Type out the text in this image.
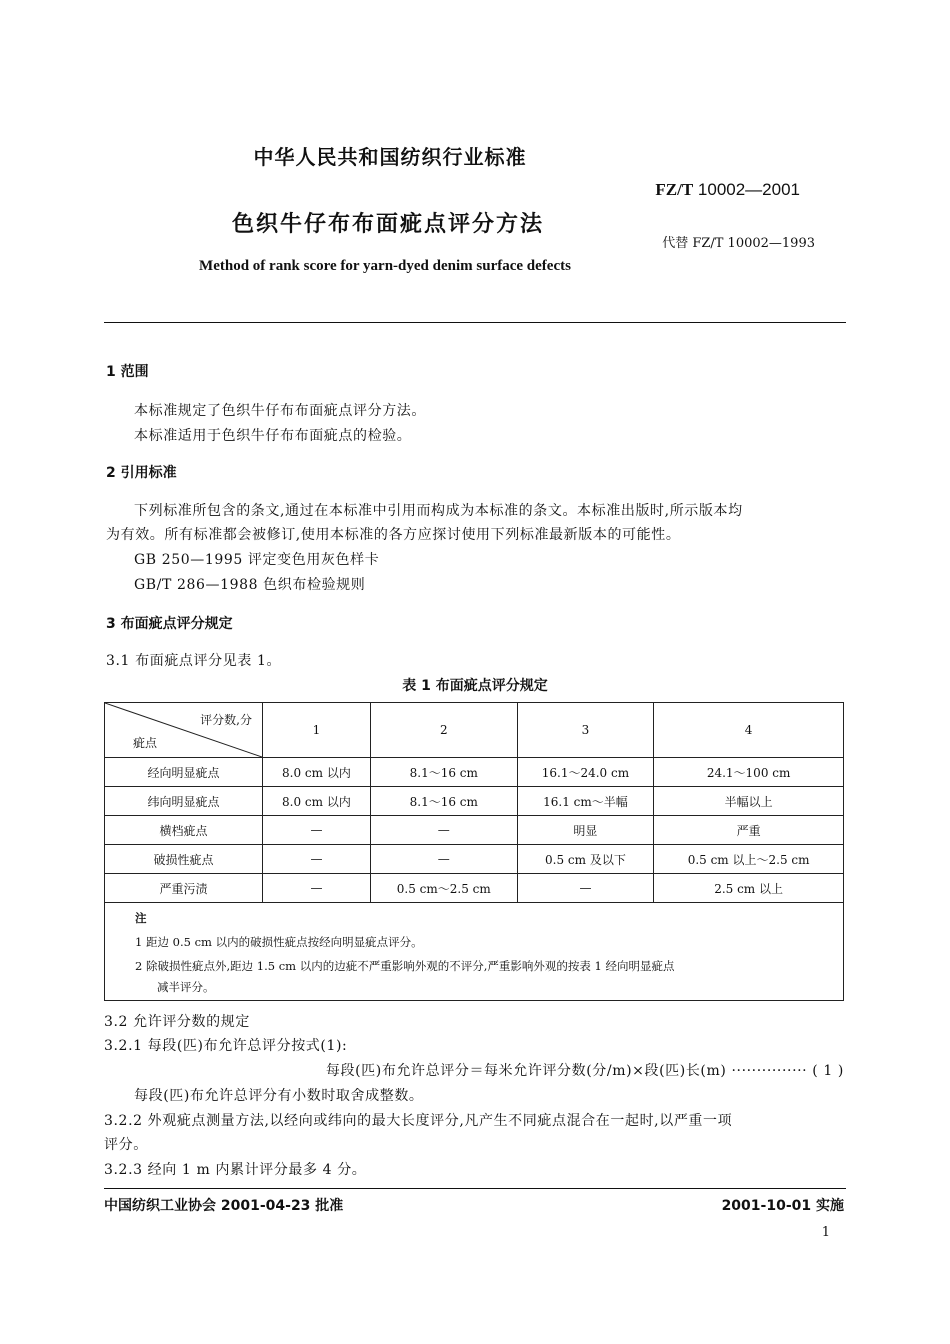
中华人民共和国纺织行业标准
FZ/T 10002—2001
色织牛仔布布面疵点评分方法
代替 FZ/T 10002—1993
Method of rank score for yarn-dyed denim surface defects
1 范围
本标准规定了色织牛仔布布面疵点评分方法。
本标准适用于色织牛仔布布面疵点的检验。
2 引用标准
下列标准所包含的条文,通过在本标准中引用而构成为本标准的条文。本标准出版时,所示版本均
为有效。所有标准都会被修订,使用本标准的各方应探讨使用下列标准最新版本的可能性。
GB 250—1995 评定变色用灰色样卡
GB/T 286—1988 色织布检验规则
3 布面疵点评分规定
3.1 布面疵点评分见表 1。
表 1 布面疵点评分规定
评分数,分
疵点	1	2	3	4
经向明显疵点	8.0 cm 以内	8.1～16 cm	16.1～24.0 cm	24.1～100 cm
纬向明显疵点	8.0 cm 以内	8.1～16 cm	16.1 cm～半幅	半幅以上
横档疵点	—	—	明显	严重
破损性疵点	—	—	0.5 cm 及以下	0.5 cm 以上～2.5 cm
严重污渍	—	0.5 cm～2.5 cm	—	2.5 cm 以上
注
1 距边 0.5 cm 以内的破损性疵点按经向明显疵点评分。
2 除破损性疵点外,距边 1.5 cm 以内的边疵不严重影响外观的不评分,严重影响外观的按表 1 经向明显疵点
减半评分。
3.2 允许评分数的规定
3.2.1 每段(匹)布允许总评分按式(1):
每段(匹)布允许总评分＝每米允许评分数(分/m)×段(匹)长(m) ··············· ( 1 )
每段(匹)布允许总评分有小数时取舍成整数。
3.2.2 外观疵点测量方法,以经向或纬向的最大长度评分,凡产生不同疵点混合在一起时,以严重一项
评分。
3.2.3 经向 1 m 内累计评分最多 4 分。
中国纺织工业协会 2001-04-23 批准	2001-10-01 实施
1
